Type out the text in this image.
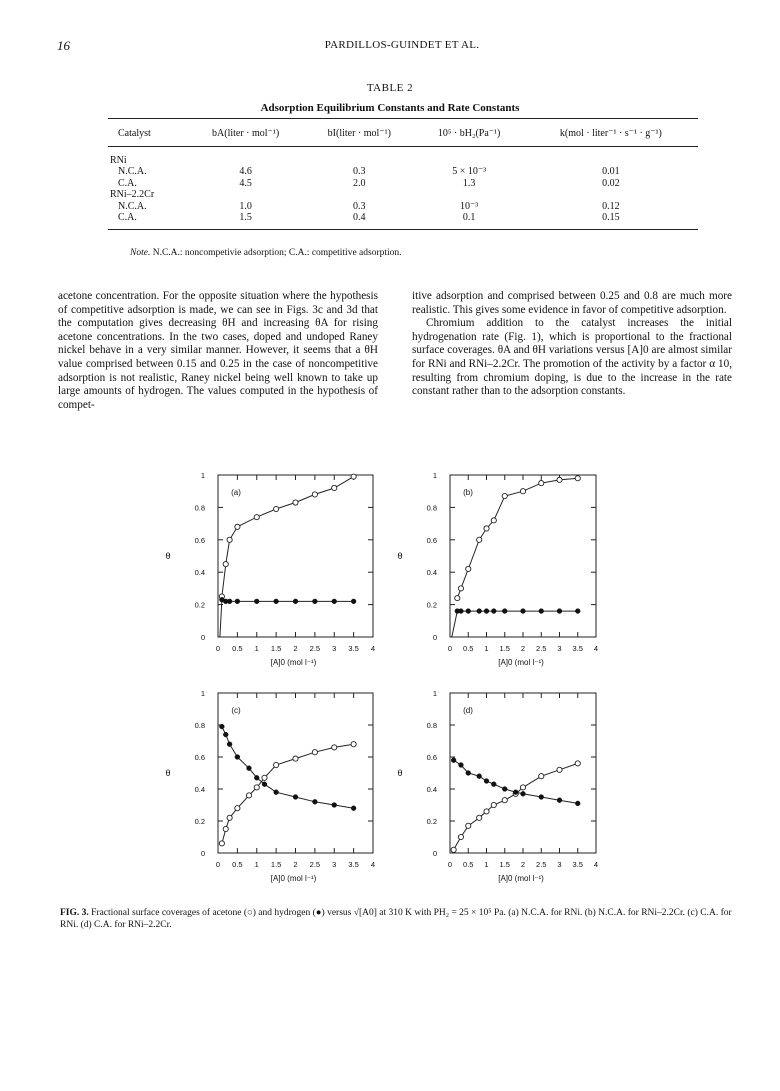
16	PARDILLOS-GUINDET ET AL.
TABLE 2
Adsorption Equilibrium Constants and Rate Constants
Catalyst	bA(liter · mol⁻¹)	bI(liter · mol⁻¹)	10⁵ · bH₂(Pa⁻¹)	k(mol · liter⁻¹ · s⁻¹ · g⁻¹)
RNi				
N.C.A.	4.6	0.3	5 × 10⁻³	0.01
C.A.	4.5	2.0	1.3	0.02
RNi–2.2Cr				
N.C.A.	1.0	0.3	10⁻³	0.12
C.A.	1.5	0.4	0.1	0.15
Note. N.C.A.: noncompetivie adsorption; C.A.: competitive adsorption.

acetone concentration. For the opposite situation where the hypothesis of competitive adsorption is made, we can see in Figs. 3c and 3d that the computation gives decreasing θH and increasing θA for rising acetone concentrations. In the two cases, doped and undoped Raney nickel behave in a very similar manner. However, it seems that a θH value comprised between 0.15 and 0.25 in the case of noncompetitive adsorption is not realistic, Raney nickel being well known to take up large amounts of hydrogen. The values computed in the hypothesis of compet-

itive adsorption and comprised between 0.25 and 0.8 are much more realistic. This gives some evidence in favor of competitive adsorption.

Chromium addition to the catalyst increases the initial hydrogenation rate (Fig. 1), which is proportional to the fractional surface coverages. θA and θH variations versus [A]0 are almost similar for RNi and RNi–2.2Cr. The promotion of the activity by a factor α 10, resulting from chromium doping, is due to the increase in the rate constant rather than to the adsorption constants.

0
0.2
0.4
0.6
0.8
1
0 0.5 1 1.5 2 2.5 3 3.5 4
(a)
θ
[A]0 (mol l⁻¹)
0
0.2
0.4
0.6
0.8
1
0 0.5 1 1.5 2 2.5 3 3.5 4
(b)
θ
[A]0 (mol l⁻¹)
0
0.2
0.4
0.6
0.8
1
0 0.5 1 1.5 2 2.5 3 3.5 4
(c)
θ
[A]0 (mol l⁻¹)
0
0.2
0.4
0.6
0.8
1
0 0.5 1 1.5 2 2.5 3 3.5 4
(d)
θ
[A]0 (mol l⁻¹)
FIG. 3. Fractional surface coverages of acetone (○) and hydrogen (●) versus √[A0] at 310 K with PH₂ = 25 × 10⁵ Pa. (a) N.C.A. for RNi. (b) N.C.A. for RNi–2.2Cr. (c) C.A. for RNi. (d) C.A. for RNi–2.2Cr.
